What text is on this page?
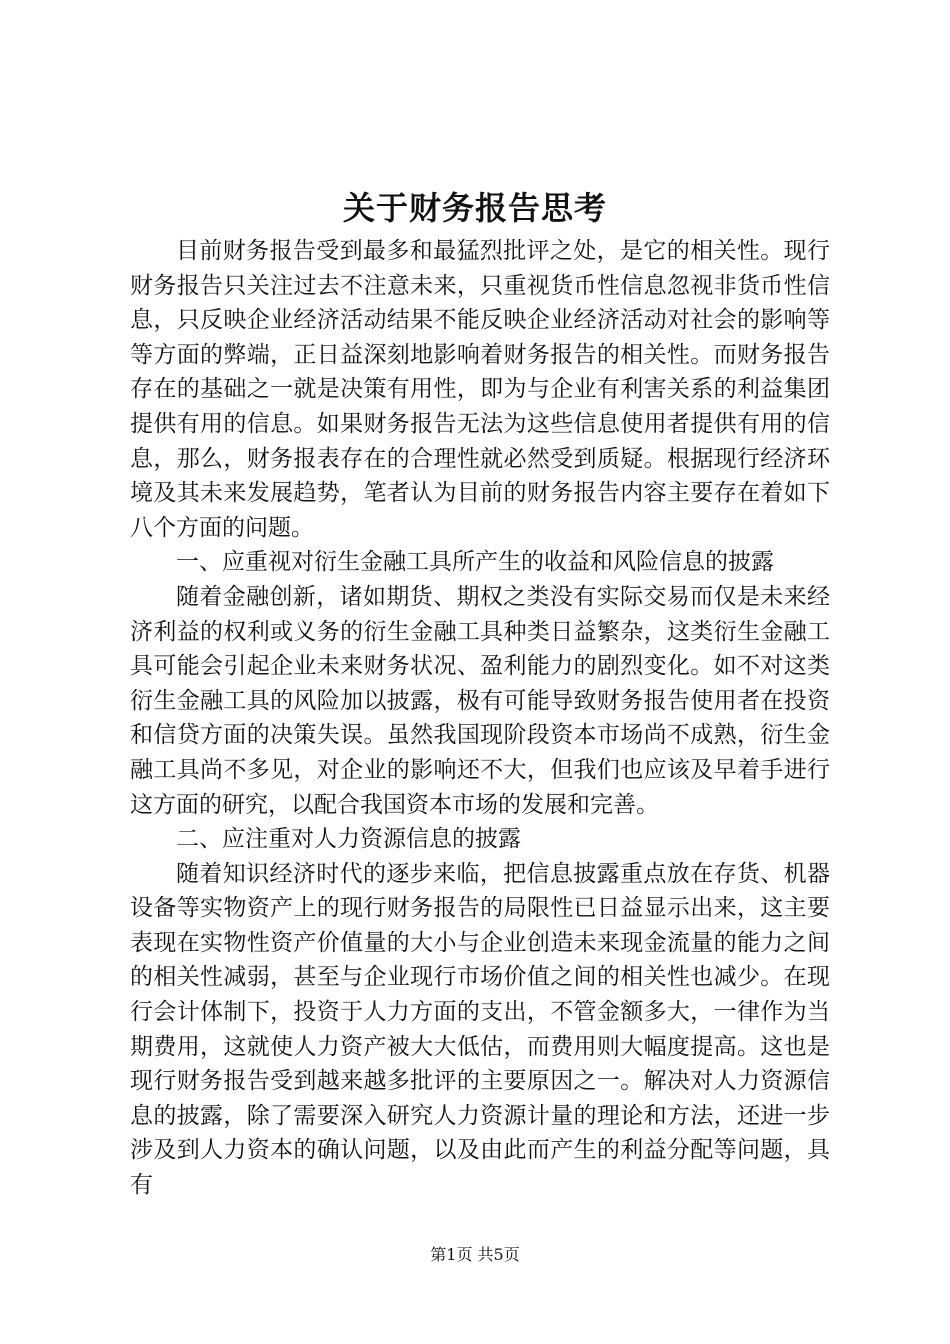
关于财务报告思考

目前财务报告受到最多和最猛烈批评之处，是它的相关性。现行财务报告只关注过去不注意未来，只重视货币性信息忽视非货币性信息，只反映企业经济活动结果不能反映企业经济活动对社会的影响等等方面的弊端，正日益深刻地影响着财务报告的相关性。而财务报告存在的基础之一就是决策有用性，即为与企业有利害关系的利益集团提供有用的信息。如果财务报告无法为这些信息使用者提供有用的信息，那么，财务报表存在的合理性就必然受到质疑。根据现行经济环境及其未来发展趋势，笔者认为目前的财务报告内容主要存在着如下八个方面的问题。

一、应重视对衍生金融工具所产生的收益和风险信息的披露

随着金融创新，诸如期货、期权之类没有实际交易而仅是未来经济利益的权利或义务的衍生金融工具种类日益繁杂，这类衍生金融工具可能会引起企业未来财务状况、盈利能力的剧烈变化。如不对这类衍生金融工具的风险加以披露，极有可能导致财务报告使用者在投资和信贷方面的决策失误。虽然我国现阶段资本市场尚不成熟，衍生金融工具尚不多见，对企业的影响还不大，但我们也应该及早着手进行这方面的研究，以配合我国资本市场的发展和完善。

二、应注重对人力资源信息的披露

随着知识经济时代的逐步来临，把信息披露重点放在存货、机器设备等实物资产上的现行财务报告的局限性已日益显示出来，这主要表现在实物性资产价值量的大小与企业创造未来现金流量的能力之间的相关性减弱，甚至与企业现行市场价值之间的相关性也减少。在现行会计体制下，投资于人力方面的支出，不管金额多大，一律作为当期费用，这就使人力资产被大大低估，而费用则大幅度提高。这也是现行财务报告受到越来越多批评的主要原因之一。解决对人力资源信息的披露，除了需要深入研究人力资源计量的理论和方法，还进一步涉及到人力资本的确认问题，以及由此而产生的利益分配等问题，具有

第1页 共5页
